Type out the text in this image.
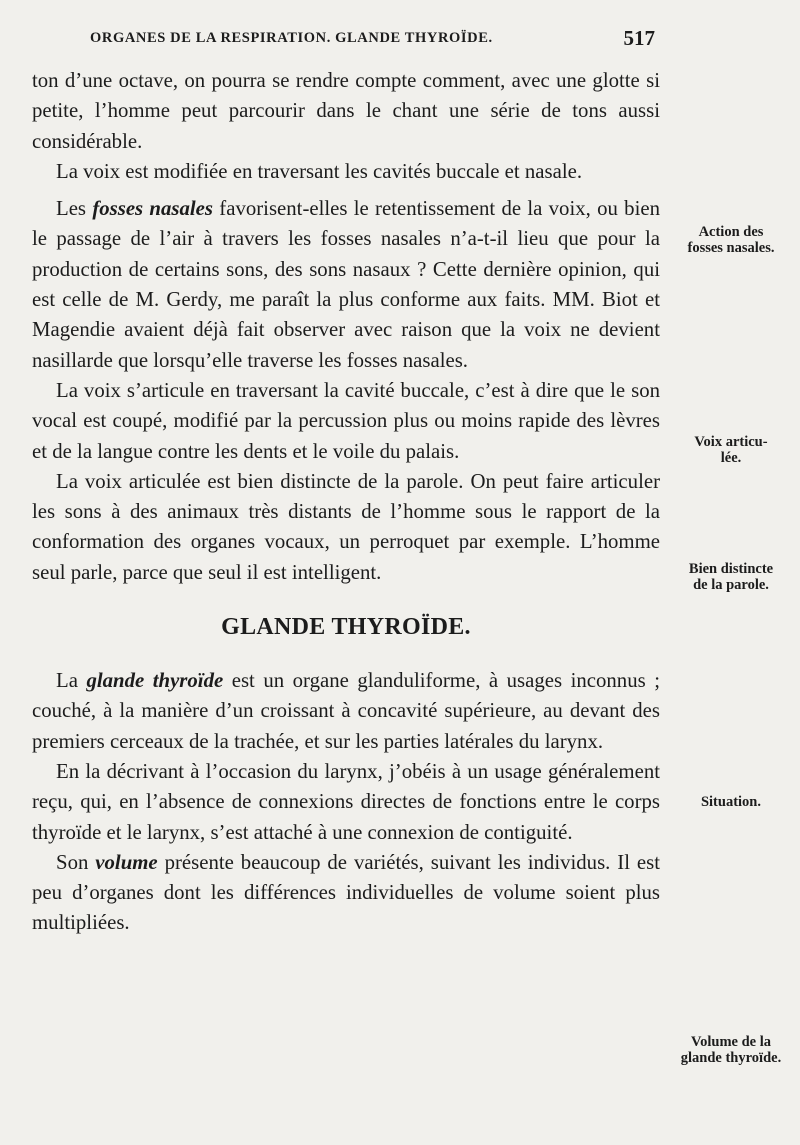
ORGANES DE LA RESPIRATION. GLANDE THYROÏDE.	517

ton d’une octave, on pourra se rendre compte comment, avec une glotte si petite, l’homme peut parcourir dans le chant une série de tons aussi considérable.

La voix est modifiée en traversant les cavités buccale et nasale.

Les fosses nasales favorisent-elles le retentissement de la voix, ou bien le passage de l’air à travers les fosses nasales n’a-t-il lieu que pour la production de certains sons, des sons nasaux ? Cette dernière opinion, qui est celle de M. Gerdy, me paraît la plus conforme aux faits. MM. Biot et Magendie avaient déjà fait observer avec raison que la voix ne devient nasillarde que lorsqu’elle traverse les fosses nasales.

La voix s’articule en traversant la cavité buccale, c’est à dire que le son vocal est coupé, modifié par la percussion plus ou moins rapide des lèvres et de la langue contre les dents et le voile du palais.

La voix articulée est bien distincte de la parole. On peut faire articuler les sons à des animaux très distants de l’homme sous le rapport de la conformation des organes vocaux, un perroquet par exemple. L’homme seul parle, parce que seul il est intelligent.

GLANDE THYROÏDE.

La glande thyroïde est un organe glanduliforme, à usages inconnus ; couché, à la manière d’un croissant à concavité supérieure, au devant des premiers cerceaux de la trachée, et sur les parties latérales du larynx.

En la décrivant à l’occasion du larynx, j’obéis à un usage généralement reçu, qui, en l’absence de connexions directes de fonctions entre le corps thyroïde et le larynx, s’est attaché à une connexion de contiguité.

Son volume présente beaucoup de variétés, suivant les individus. Il est peu d’organes dont les différences individuelles de volume soient plus multipliées.

Action des
fosses nasales.
Voix articu-
lée.
Bien distincte
de la parole.
Situation.
Volume de la
glande thyroïde.
